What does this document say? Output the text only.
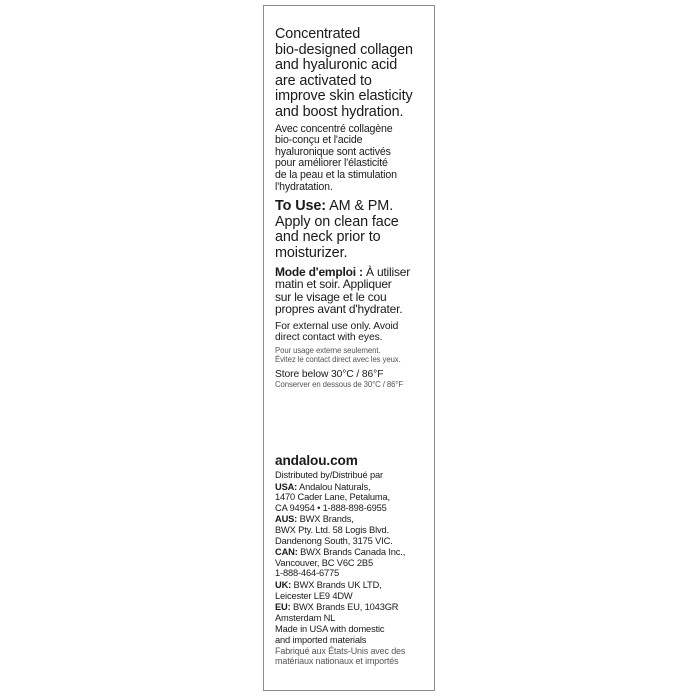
Concentrated
bio-designed collagen
and hyaluronic acid
are activated to
improve skin elasticity
and boost hydration.
Avec concentré collagène
bio-conçu et l'acide
hyaluronique sont activés
pour améliorer l'élasticité
de la peau et la stimulation
l'hydratation.
To Use: AM & PM.
Apply on clean face
and neck prior to
moisturizer.
Mode d'emploi : À utiliser
matin et soir. Appliquer
sur le visage et le cou
propres avant d'hydrater.
For external use only. Avoid
direct contact with eyes.
Pour usage externe seulement.
Évitez le contact direct avec les yeux.
Store below 30°C / 86°F
Conserver en dessous de 30°C / 86°F
andalou.com
Distributed by/Distribué par
USA: Andalou Naturals,
1470 Cader Lane, Petaluma,
CA 94954 • 1-888-898-6955
AUS: BWX Brands,
BWX Pty. Ltd. 58 Logis Blvd.
Dandenong South, 3175 VIC.
CAN: BWX Brands Canada Inc.,
Vancouver, BC V6C 2B5
1-888-464-6775
UK: BWX Brands UK LTD,
Leicester LE9 4DW
EU: BWX Brands EU, 1043GR
Amsterdam NL
Made in USA with domestic
and imported materials
Fabriqué aux États-Unis avec des
matériaux nationaux et importés
